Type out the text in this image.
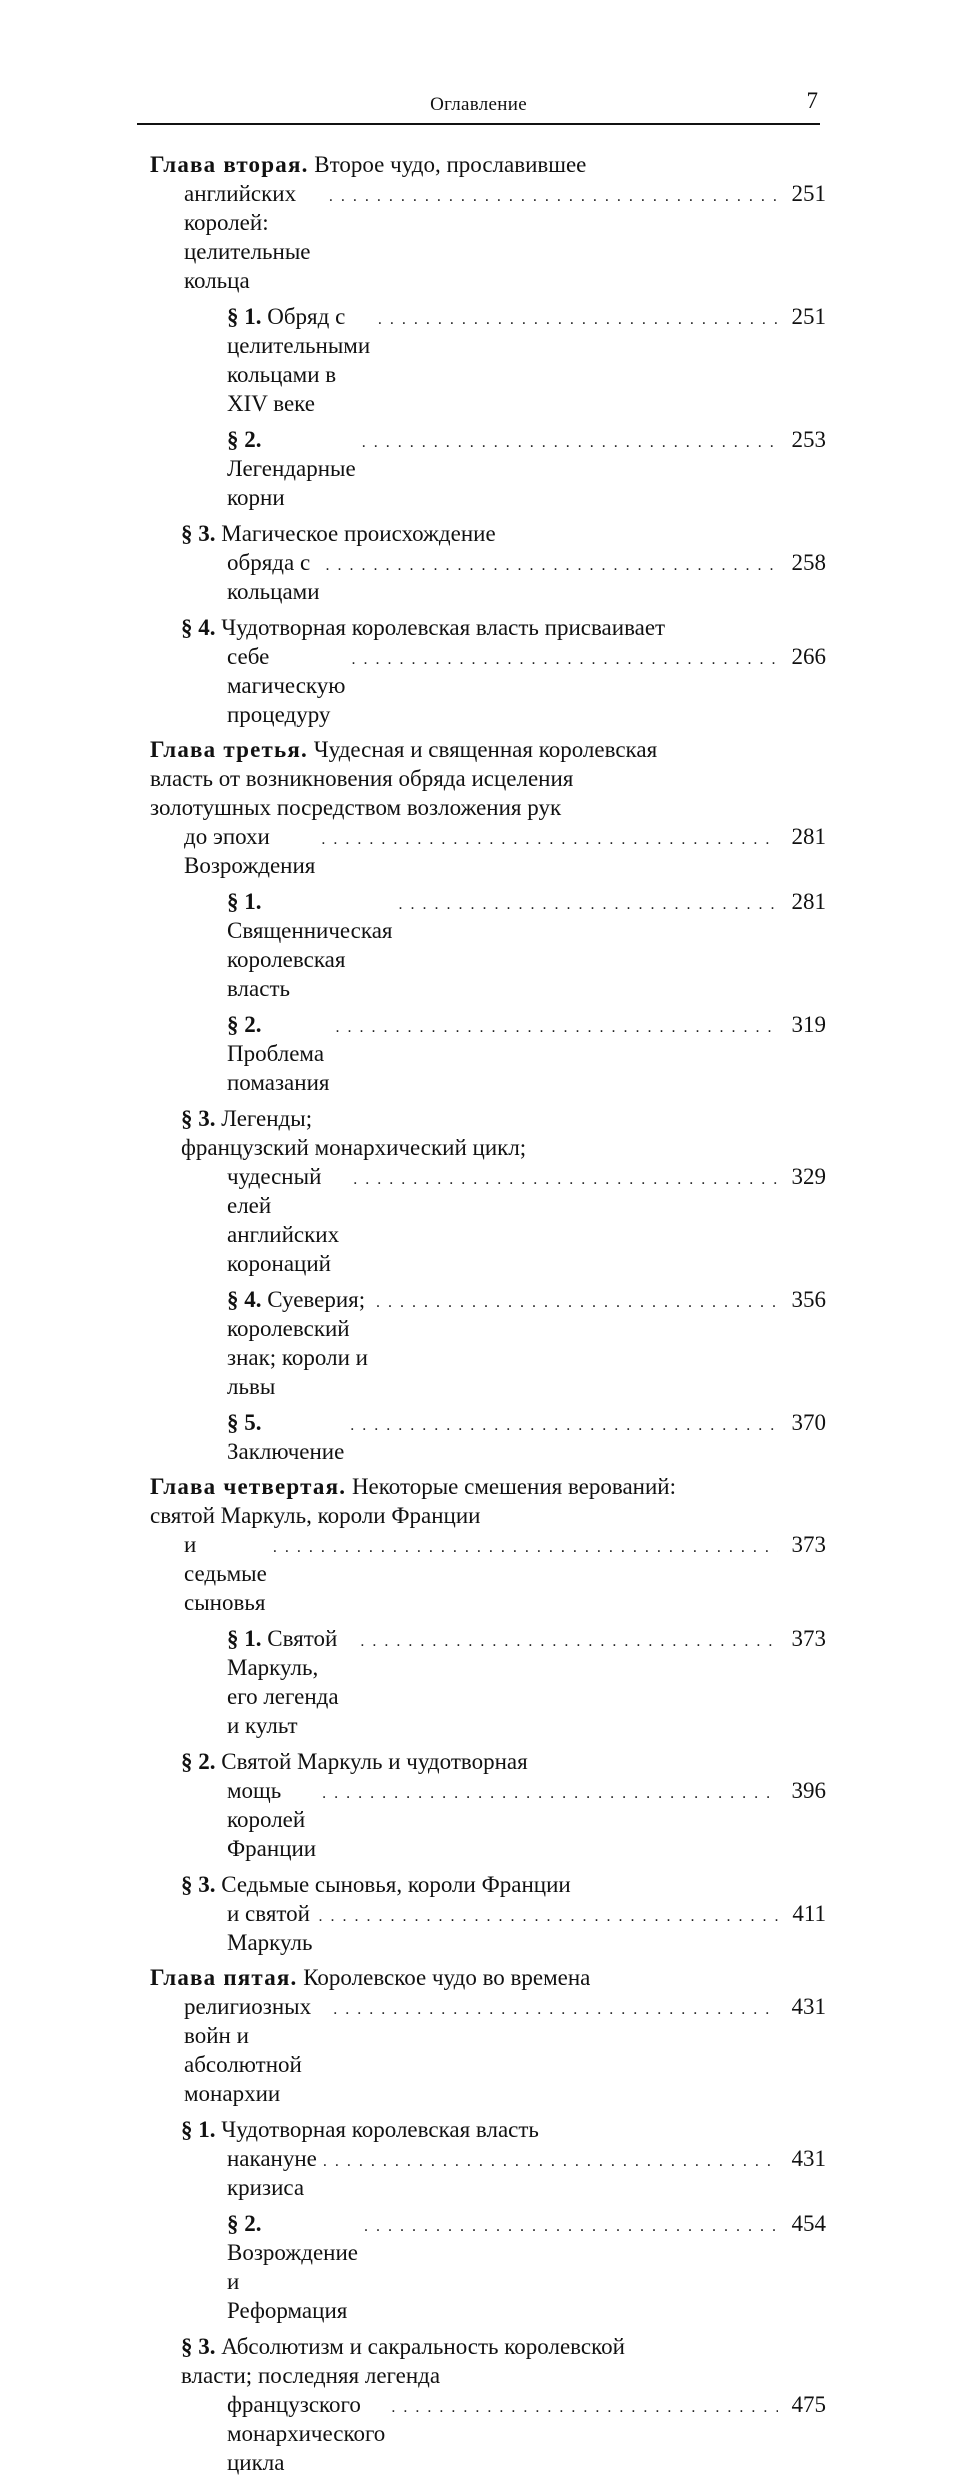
Оглавление	7
Глава вторая. Второе чудо, прославившее
английских королей: целительные кольца
. . .
251
§ 1. Обряд с целительными кольцами в XIV веке
. . .
251
§ 2. Легендарные корни
. . .
253
§ 3. Магическое происхождение
обряда с кольцами
. . .
258
§ 4. Чудотворная королевская власть присваивает
себе магическую процедуру
. . .
266
Глава третья. Чудесная и священная королевская
власть от возникновения обряда исцеления
золотушных посредством возложения рук
до эпохи Возрождения
. . .
281
§ 1. Священническая королевская власть
. . .
281
§ 2. Проблема помазания
. . .
319
§ 3. Легенды;
французский монархический цикл;
чудесный елей английских коронаций
. . .
329
§ 4. Суеверия; королевский знак; короли и львы
. . .
356
§ 5. Заключение
. . .
370
Глава четвертая. Некоторые смешения верований:
святой Маркуль, короли Франции
и седьмые сыновья
. . .
373
§ 1. Святой Маркуль, его легенда и культ
. . .
373
§ 2. Святой Маркуль и чудотворная
мощь королей Франции
. . .
396
§ 3. Седьмые сыновья, короли Франции
и святой Маркуль
. . .
411
Глава пятая. Королевское чудо во времена
религиозных войн и абсолютной монархии
. . .
431
§ 1. Чудотворная королевская власть
накануне кризиса
. . .
431
§ 2. Возрождение и Реформация
. . .
454
§ 3. Абсолютизм и сакральность королевской
власти; последняя легенда
французского монархического цикла
. . .
475
